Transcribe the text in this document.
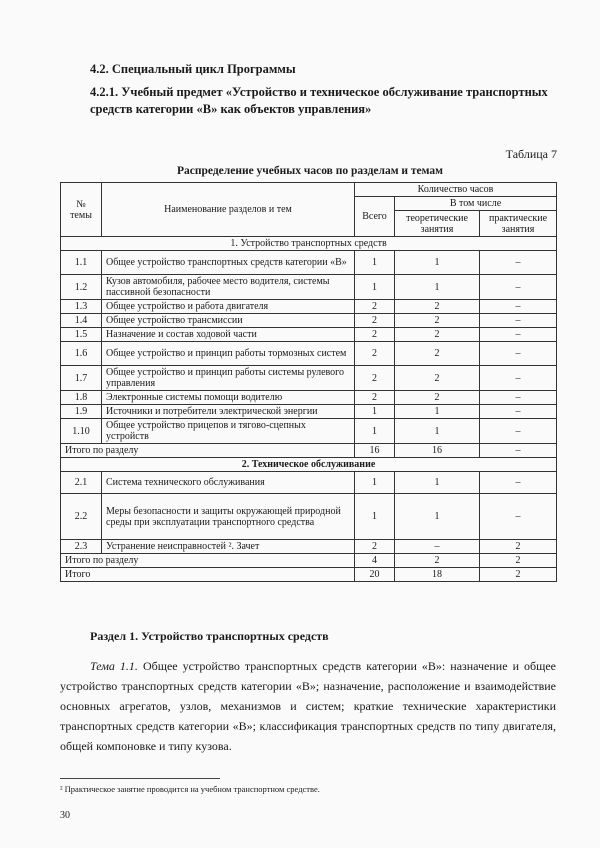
4.2. Специальный цикл Программы
4.2.1. Учебный предмет «Устройство и техническое обслуживание транспортных средств категории «В» как объектов управления»
Таблица 7
Распределение учебных часов по разделам и темам
№ темы	Наименование разделов и тем	Количество часов		
		Всего	В том числе	
			теоретические занятия	практические занятия
1. Устройство транспортных средств				
1.1	Общее устройство транспортных средств категории «В»	1	1	–
1.2	Кузов автомобиля, рабочее место водителя, системы пассивной безопасности	1	1	–
1.3	Общее устройство и работа двигателя	2	2	–
1.4	Общее устройство трансмиссии	2	2	–
1.5	Назначение и состав ходовой части	2	2	–
1.6	Общее устройство и принцип работы тормозных систем	2	2	–
1.7	Общее устройство и принцип работы системы рулевого управления	2	2	–
1.8	Электронные системы помощи водителю	2	2	–
1.9	Источники и потребители электрической энергии	1	1	–
1.10	Общее устройство прицепов и тягово-сцепных устройств	1	1	–
Итого по разделу		16	16	–
2. Техническое обслуживание				
2.1	Система технического обслуживания	1	1	–
2.2	Меры безопасности и защиты окружающей природной среды при эксплуатации транспортного средства	1	1	–
2.3	Устранение неисправностей ². Зачет	2	–	2
Итого по разделу		4	2	2
Итого		20	18	2
Раздел 1. Устройство транспортных средств
Тема 1.1. Общее устройство транспортных средств категории «В»: назначение и общее устройство транспортных средств категории «В»; назначение, расположение и взаимодействие основных агрегатов, узлов, механизмов и систем; краткие технические характеристики транспортных средств категории «В»; классификация транспортных средств по типу двигателя, общей компоновке и типу кузова.
² Практическое занятие проводится на учебном транспортном средстве.
30
